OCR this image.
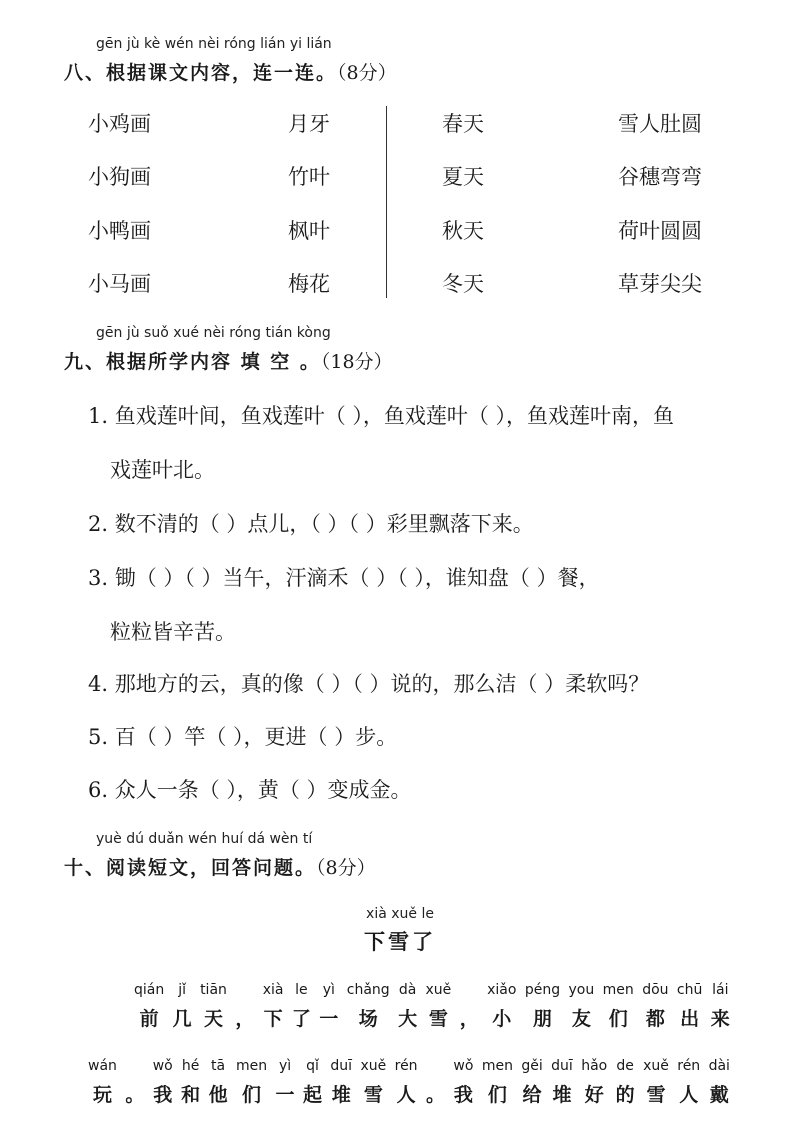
gēn jù kè wén nèi róng lián yi lián
八、根据课文内容，连一连。（8分）
小鸡画
小狗画
小鸭画
小马画
月牙
竹叶
枫叶
梅花
春天
夏天
秋天
冬天
雪人肚圆
谷穗弯弯
荷叶圆圆
草芽尖尖
gēn jù suǒ xué nèi róng tián kòng
九、根据所学内容 填 空 。（18分）
1. 鱼戏莲叶间，鱼戏莲叶（ ），鱼戏莲叶（ ），鱼戏莲叶南，鱼
戏莲叶北。
2. 数不清的（ ）点儿，（ ）（ ）彩里飘落下来。
3. 锄（ ）（ ）当午，汗滴禾（ ）（ ），谁知盘（ ）餐，
粒粒皆辛苦。
4. 那地方的云，真的像（ ）（ ）说的，那么洁（ ）柔软吗？
5. 百（ ）竿（ ），更进（ ）步。
6. 众人一条（ ），黄（ ）变成金。
yuè dú duǎn wén huí dá wèn tí
十、阅读短文，回答问题。（8分）
xià xuě le
下雪了
qián
前
jǐ
几
tiān
天 ，
xià
下
le
了
yì
一
chǎng
场
dà
大
xuě
雪 ，
xiǎo
小
péng
朋
you
友
men
们
dōu
都
chū
出
lái
来
wán
玩 。
wǒ
我
hé
和
tā
他
men
们
yì
一
qǐ
起
duī
堆
xuě
雪
rén
人 。
wǒ
我
men
们
gěi
给
duī
堆
hǎo
好
de
的
xuě
雪
rén
人
dài
戴
